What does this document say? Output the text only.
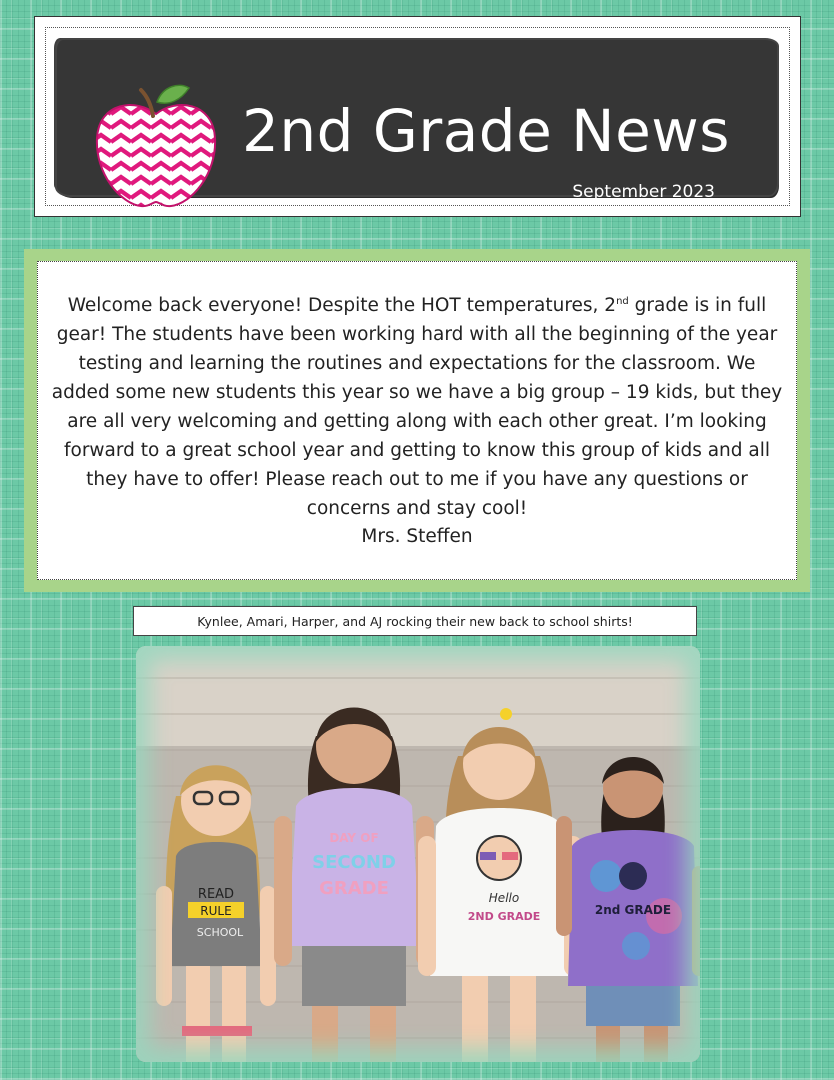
2nd Grade News
September 2023

Welcome back everyone! Despite the HOT temperatures, 2nd grade is in full gear! The students have been working hard with all the beginning of the year testing and learning the routines and expectations for the classroom. We added some new students this year so we have a big group – 19 kids, but they are all very welcoming and getting along with each other great. I’m looking forward to a great school year and getting to know this group of kids and all they have to offer! Please reach out to me if you have any questions or concerns and stay cool!

Mrs. Steffen

Kynlee, Amari, Harper, and AJ rocking their new back to school shirts!
READ
RULE
SCHOOL
DAY OF
SECOND
GRADE	Hello
2ND GRADE	2nd GRADE
